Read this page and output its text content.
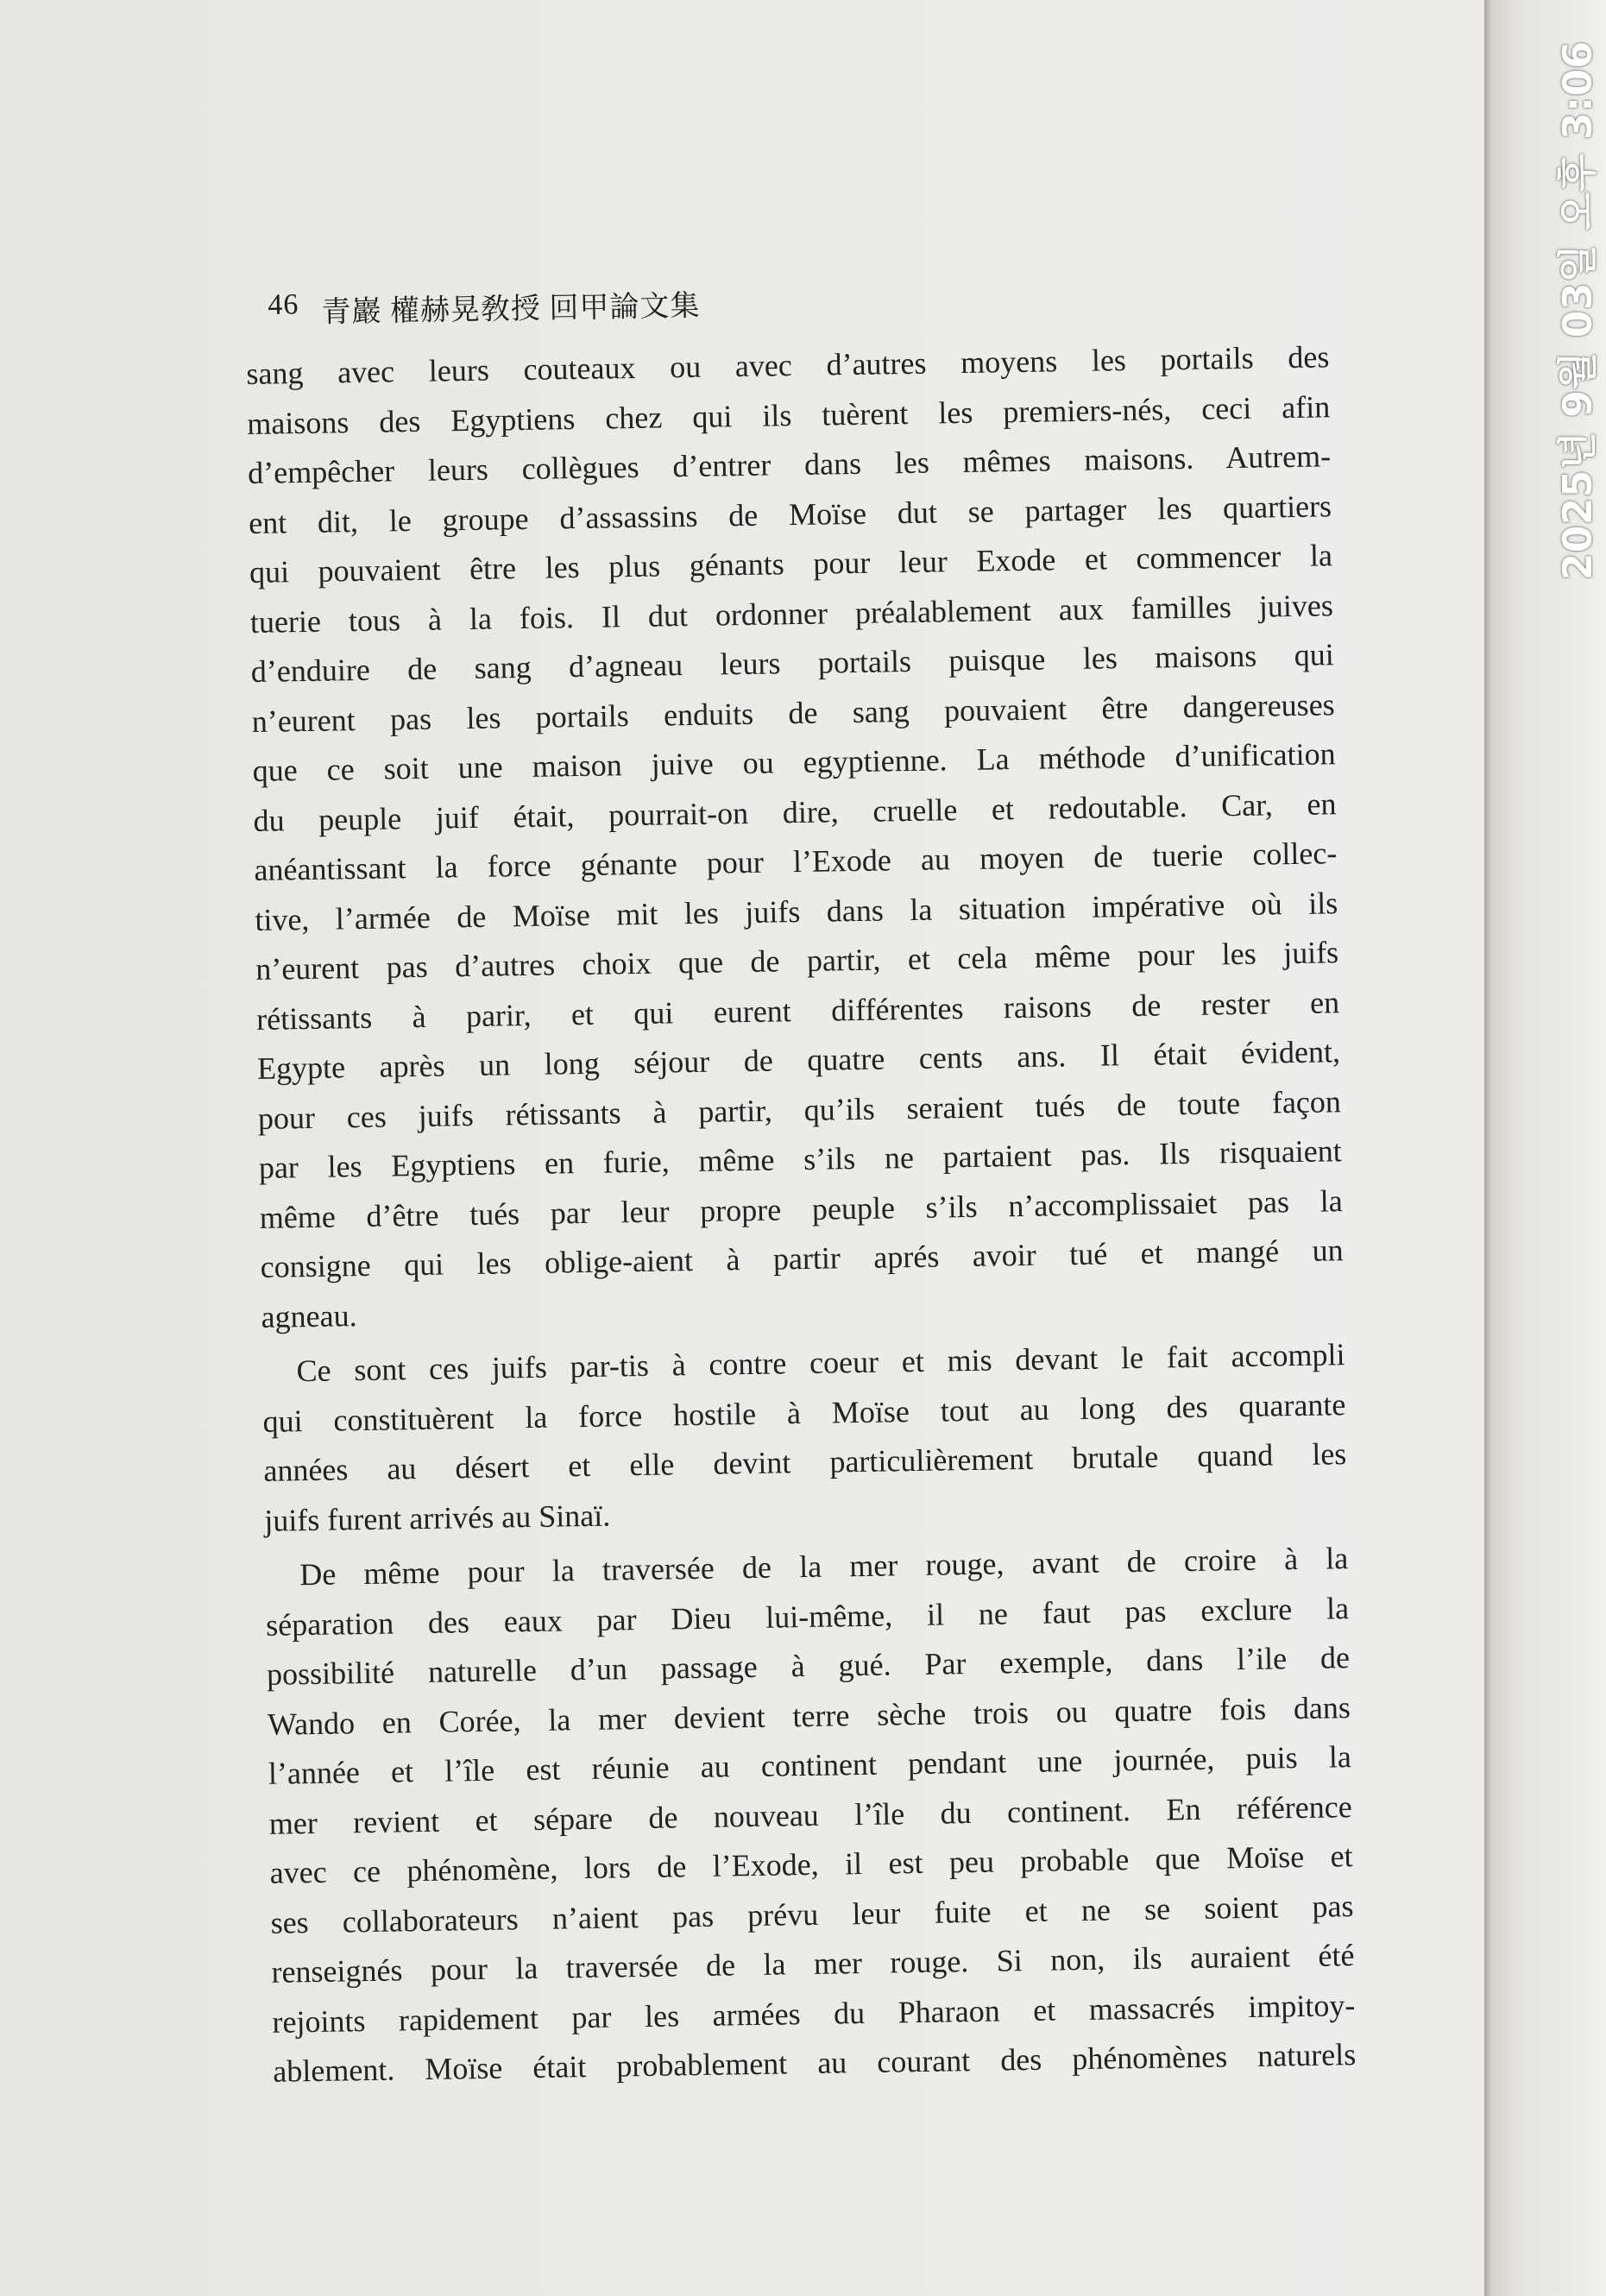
46 青巖 權赫晃敎授 回甲論文集

sang avec leurs couteaux ou avec d’autres moyens les portails des

maisons des Egyptiens chez qui ils tuèrent les premiers-nés, ceci afin

d’empêcher leurs collègues d’entrer dans les mêmes maisons. Autrem-

ent dit, le groupe d’assassins de Moïse dut se partager les quartiers

qui pouvaient être les plus génants pour leur Exode et commencer la

tuerie tous à la fois. Il dut ordonner préalablement aux familles juives

d’enduire de sang d’agneau leurs portails puisque les maisons qui

n’eurent pas les portails enduits de sang pouvaient être dangereuses

que ce soit une maison juive ou egyptienne. La méthode d’unification

du peuple juif était, pourrait-on dire, cruelle et redoutable. Car, en

anéantissant la force génante pour l’Exode au moyen de tuerie collec-

tive, l’armée de Moïse mit les juifs dans la situation impérative où ils

n’eurent pas d’autres choix que de partir, et cela même pour les juifs

rétissants à parir, et qui eurent différentes raisons de rester en

Egypte après un long séjour de quatre cents ans. Il était évident,

pour ces juifs rétissants à partir, qu’ils seraient tués de toute façon

par les Egyptiens en furie, même s’ils ne partaient pas. Ils risquaient

même d’être tués par leur propre peuple s’ils n’accomplissaiet pas la

consigne qui les oblige-aient à partir aprés avoir tué et mangé un

agneau.

Ce sont ces juifs par-tis à contre coeur et mis devant le fait accompli

qui constituèrent la force hostile à Moïse tout au long des quarante

années au désert et elle devint particulièrement brutale quand les

juifs furent arrivés au Sinaï.

De même pour la traversée de la mer rouge, avant de croire à la

séparation des eaux par Dieu lui-même, il ne faut pas exclure la

possibilité naturelle d’un passage à gué. Par exemple, dans l’ile de

Wando en Corée, la mer devient terre sèche trois ou quatre fois dans

l’année et l’île est réunie au continent pendant une journée, puis la

mer revient et sépare de nouveau l’île du continent. En référence

avec ce phénomène, lors de l’Exode, il est peu probable que Moïse et

ses collaborateurs n’aient pas prévu leur fuite et ne se soient pas

renseignés pour la traversée de la mer rouge. Si non, ils auraient été

rejoints rapidement par les armées du Pharaon et massacrés impitoy-

ablement. Moïse était probablement au courant des phénomènes naturels

2025년 9월 03일 오후 3:06
